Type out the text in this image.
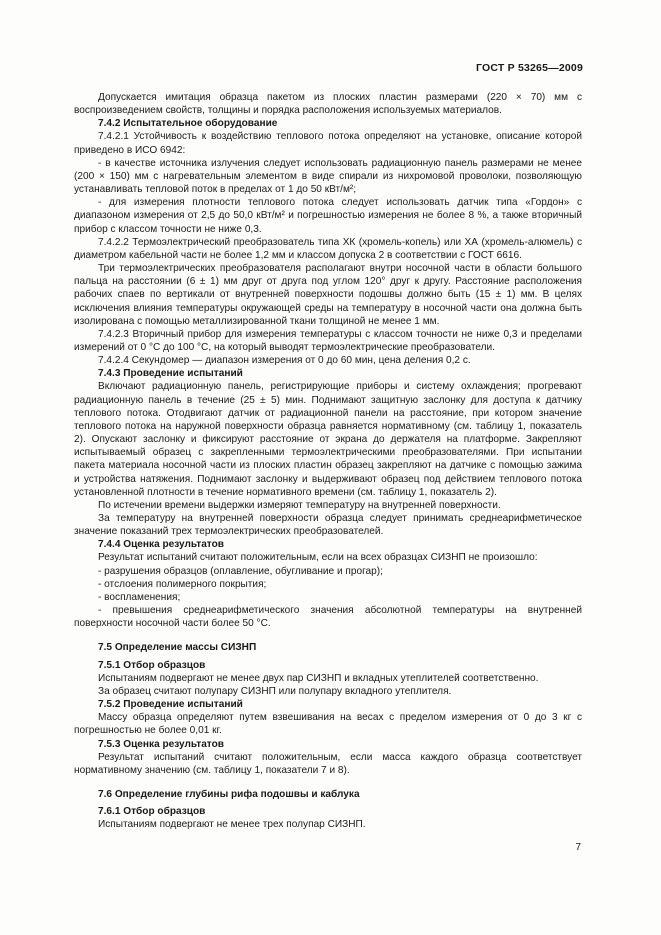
ГОСТ Р 53265—2009

Допускается имитация образца пакетом из плоских пластин размерами (220 × 70) мм с воспроизведением свойств, толщины и порядка расположения используемых материалов.

7.4.2 Испытательное оборудование

7.4.2.1 Устойчивость к воздействию теплового потока определяют на установке, описание которой приведено в ИСО 6942:

- в качестве источника излучения следует использовать радиационную панель размерами не менее (200 × 150) мм с нагревательным элементом в виде спирали из нихромовой проволоки, позволяющую устанавливать тепловой поток в пределах от 1 до 50 кВт/м²;

- для измерения плотности теплового потока следует использовать датчик типа «Гордон» с диапазоном измерения от 2,5 до 50,0 кВт/м² и погрешностью измерения не более 8 %, а также вторичный прибор с классом точности не ниже 0,3.

7.4.2.2 Термоэлектрический преобразователь типа ХК (хромель-копель) или ХА (хромель-алюмель) с диаметром кабельной части не более 1,2 мм и классом допуска 2 в соответствии с ГОСТ 6616.

Три термоэлектрических преобразователя располагают внутри носочной части в области большого пальца на расстоянии (6 ± 1) мм друг от друга под углом 120° друг к другу. Расстояние расположения рабочих спаев по вертикали от внутренней поверхности подошвы должно быть (15 ± 1) мм. В целях исключения влияния температуры окружающей среды на температуру в носочной части она должна быть изолирована с помощью металлизированной ткани толщиной не менее 1 мм.

7.4.2.3 Вторичный прибор для измерения температуры с классом точности не ниже 0,3 и пределами измерений от 0 °С до 100 °С, на который выводят термоэлектрические преобразователи.

7.4.2.4 Секундомер — диапазон измерения от 0 до 60 мин, цена деления 0,2 с.

7.4.3 Проведение испытаний

Включают радиационную панель, регистрирующие приборы и систему охлаждения; прогревают радиационную панель в течение (25 ± 5) мин. Поднимают защитную заслонку для доступа к датчику теплового потока. Отодвигают датчик от радиационной панели на расстояние, при котором значение теплового потока на наружной поверхности образца равняется нормативному (см. таблицу 1, показатель 2). Опускают заслонку и фиксируют расстояние от экрана до держателя на платформе. Закрепляют испытываемый образец с закрепленными термоэлектрическими преобразователями. При испытании пакета материала носочной части из плоских пластин образец закрепляют на датчике с помощью зажима и устройства натяжения. Поднимают заслонку и выдерживают образец под действием теплового потока установленной плотности в течение нормативного времени (см. таблицу 1, показатель 2).

По истечении времени выдержки измеряют температуру на внутренней поверхности.

За температуру на внутренней поверхности образца следует принимать среднеарифметическое значение показаний трех термоэлектрических преобразователей.

7.4.4 Оценка результатов

Результат испытаний считают положительным, если на всех образцах СИЗНП не произошло:

- разрушения образцов (оплавление, обугливание и прогар);

- отслоения полимерного покрытия;

- воспламенения;

- превышения среднеарифметического значения абсолютной температуры на внутренней поверхности носочной части более 50 °С.

7.5 Определение массы СИЗНП

7.5.1 Отбор образцов

Испытаниям подвергают не менее двух пар СИЗНП и вкладных утеплителей соответственно.

За образец считают полупару СИЗНП или полупару вкладного утеплителя.

7.5.2 Проведение испытаний

Массу образца определяют путем взвешивания на весах с пределом измерения от 0 до 3 кг с погрешностью не более 0,01 кг.

7.5.3 Оценка результатов

Результат испытаний считают положительным, если масса каждого образца соответствует нормативному значению (см. таблицу 1, показатели 7 и 8).

7.6 Определение глубины рифа подошвы и каблука

7.6.1 Отбор образцов

Испытаниям подвергают не менее трех полупар СИЗНП.

7
